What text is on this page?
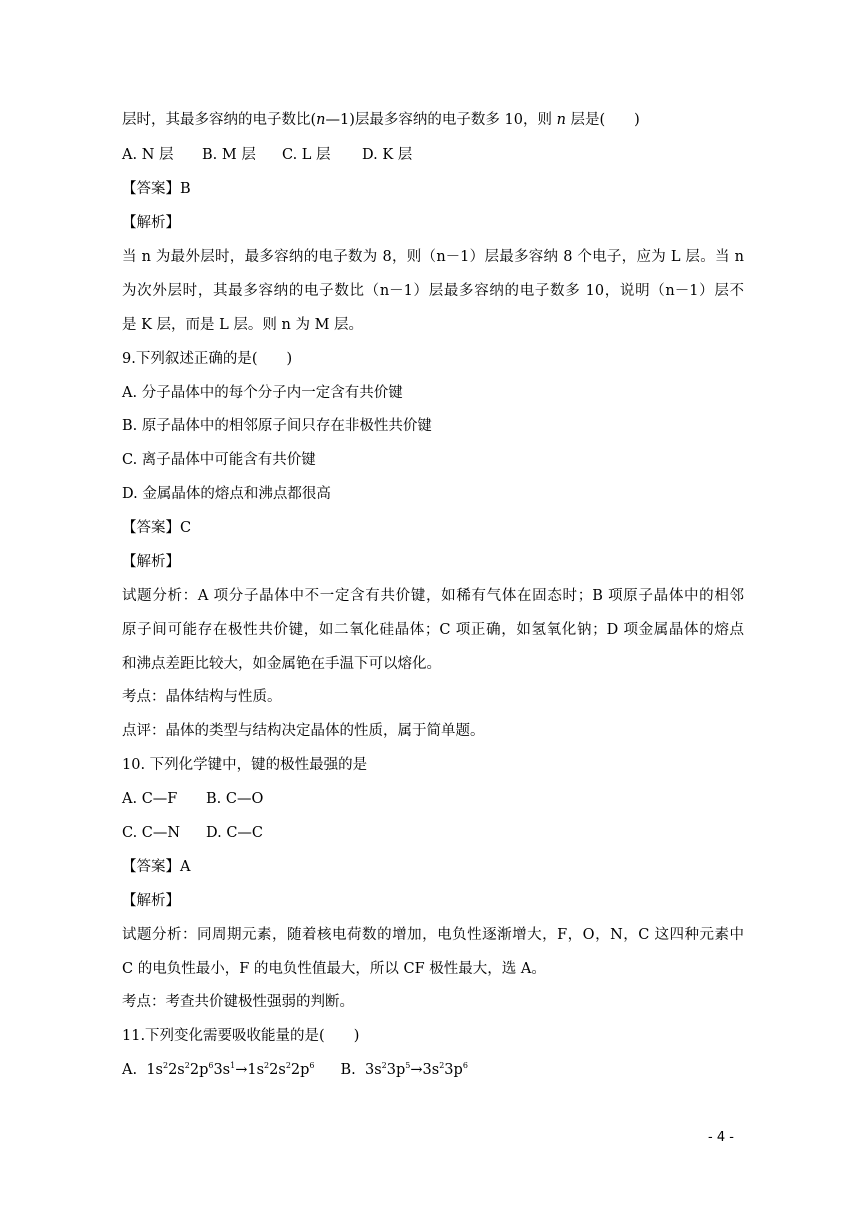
层时，其最多容纳的电子数比(n—1)层最多容纳的电子数多 10，则 n 层是(　　)
A. N 层 B. M 层 C. L 层 D. K 层
【答案】B
【解析】
当 n 为最外层时，最多容纳的电子数为 8，则（n－1）层最多容纳 8 个电子，应为 L 层。当 n
为次外层时，其最多容纳的电子数比（n－1）层最多容纳的电子数多 10，说明（n－1）层不
是 K 层，而是 L 层。则 n 为 M 层。
9.下列叙述正确的是(　　)
A. 分子晶体中的每个分子内一定含有共价键
B. 原子晶体中的相邻原子间只存在非极性共价键
C. 离子晶体中可能含有共价键
D. 金属晶体的熔点和沸点都很高
【答案】C
【解析】
试题分析：A 项分子晶体中不一定含有共价键，如稀有气体在固态时；B 项原子晶体中的相邻
原子间可能存在极性共价键，如二氧化硅晶体；C 项正确，如氢氧化钠；D 项金属晶体的熔点
和沸点差距比较大，如金属铯在手温下可以熔化。
考点：晶体结构与性质。
点评：晶体的类型与结构决定晶体的性质，属于简单题。
10. 下列化学键中，键的极性最强的是
A. C—F B. C—O
C. C—N D. C—C
【答案】A
【解析】
试题分析：同周期元素，随着核电荷数的增加，电负性逐渐增大，F，O，N，C 这四种元素中
C 的电负性最小，F 的电负性值最大，所以 CF 极性最大，选 A。
考点：考查共价键极性强弱的判断。
11.下列变化需要吸收能量的是(　　)
A. $1s^22s^22p^63s^1\to 1s^22s^22p^6$ B. $3s^23p^5\to 3s^23p^6$
- 4 -
